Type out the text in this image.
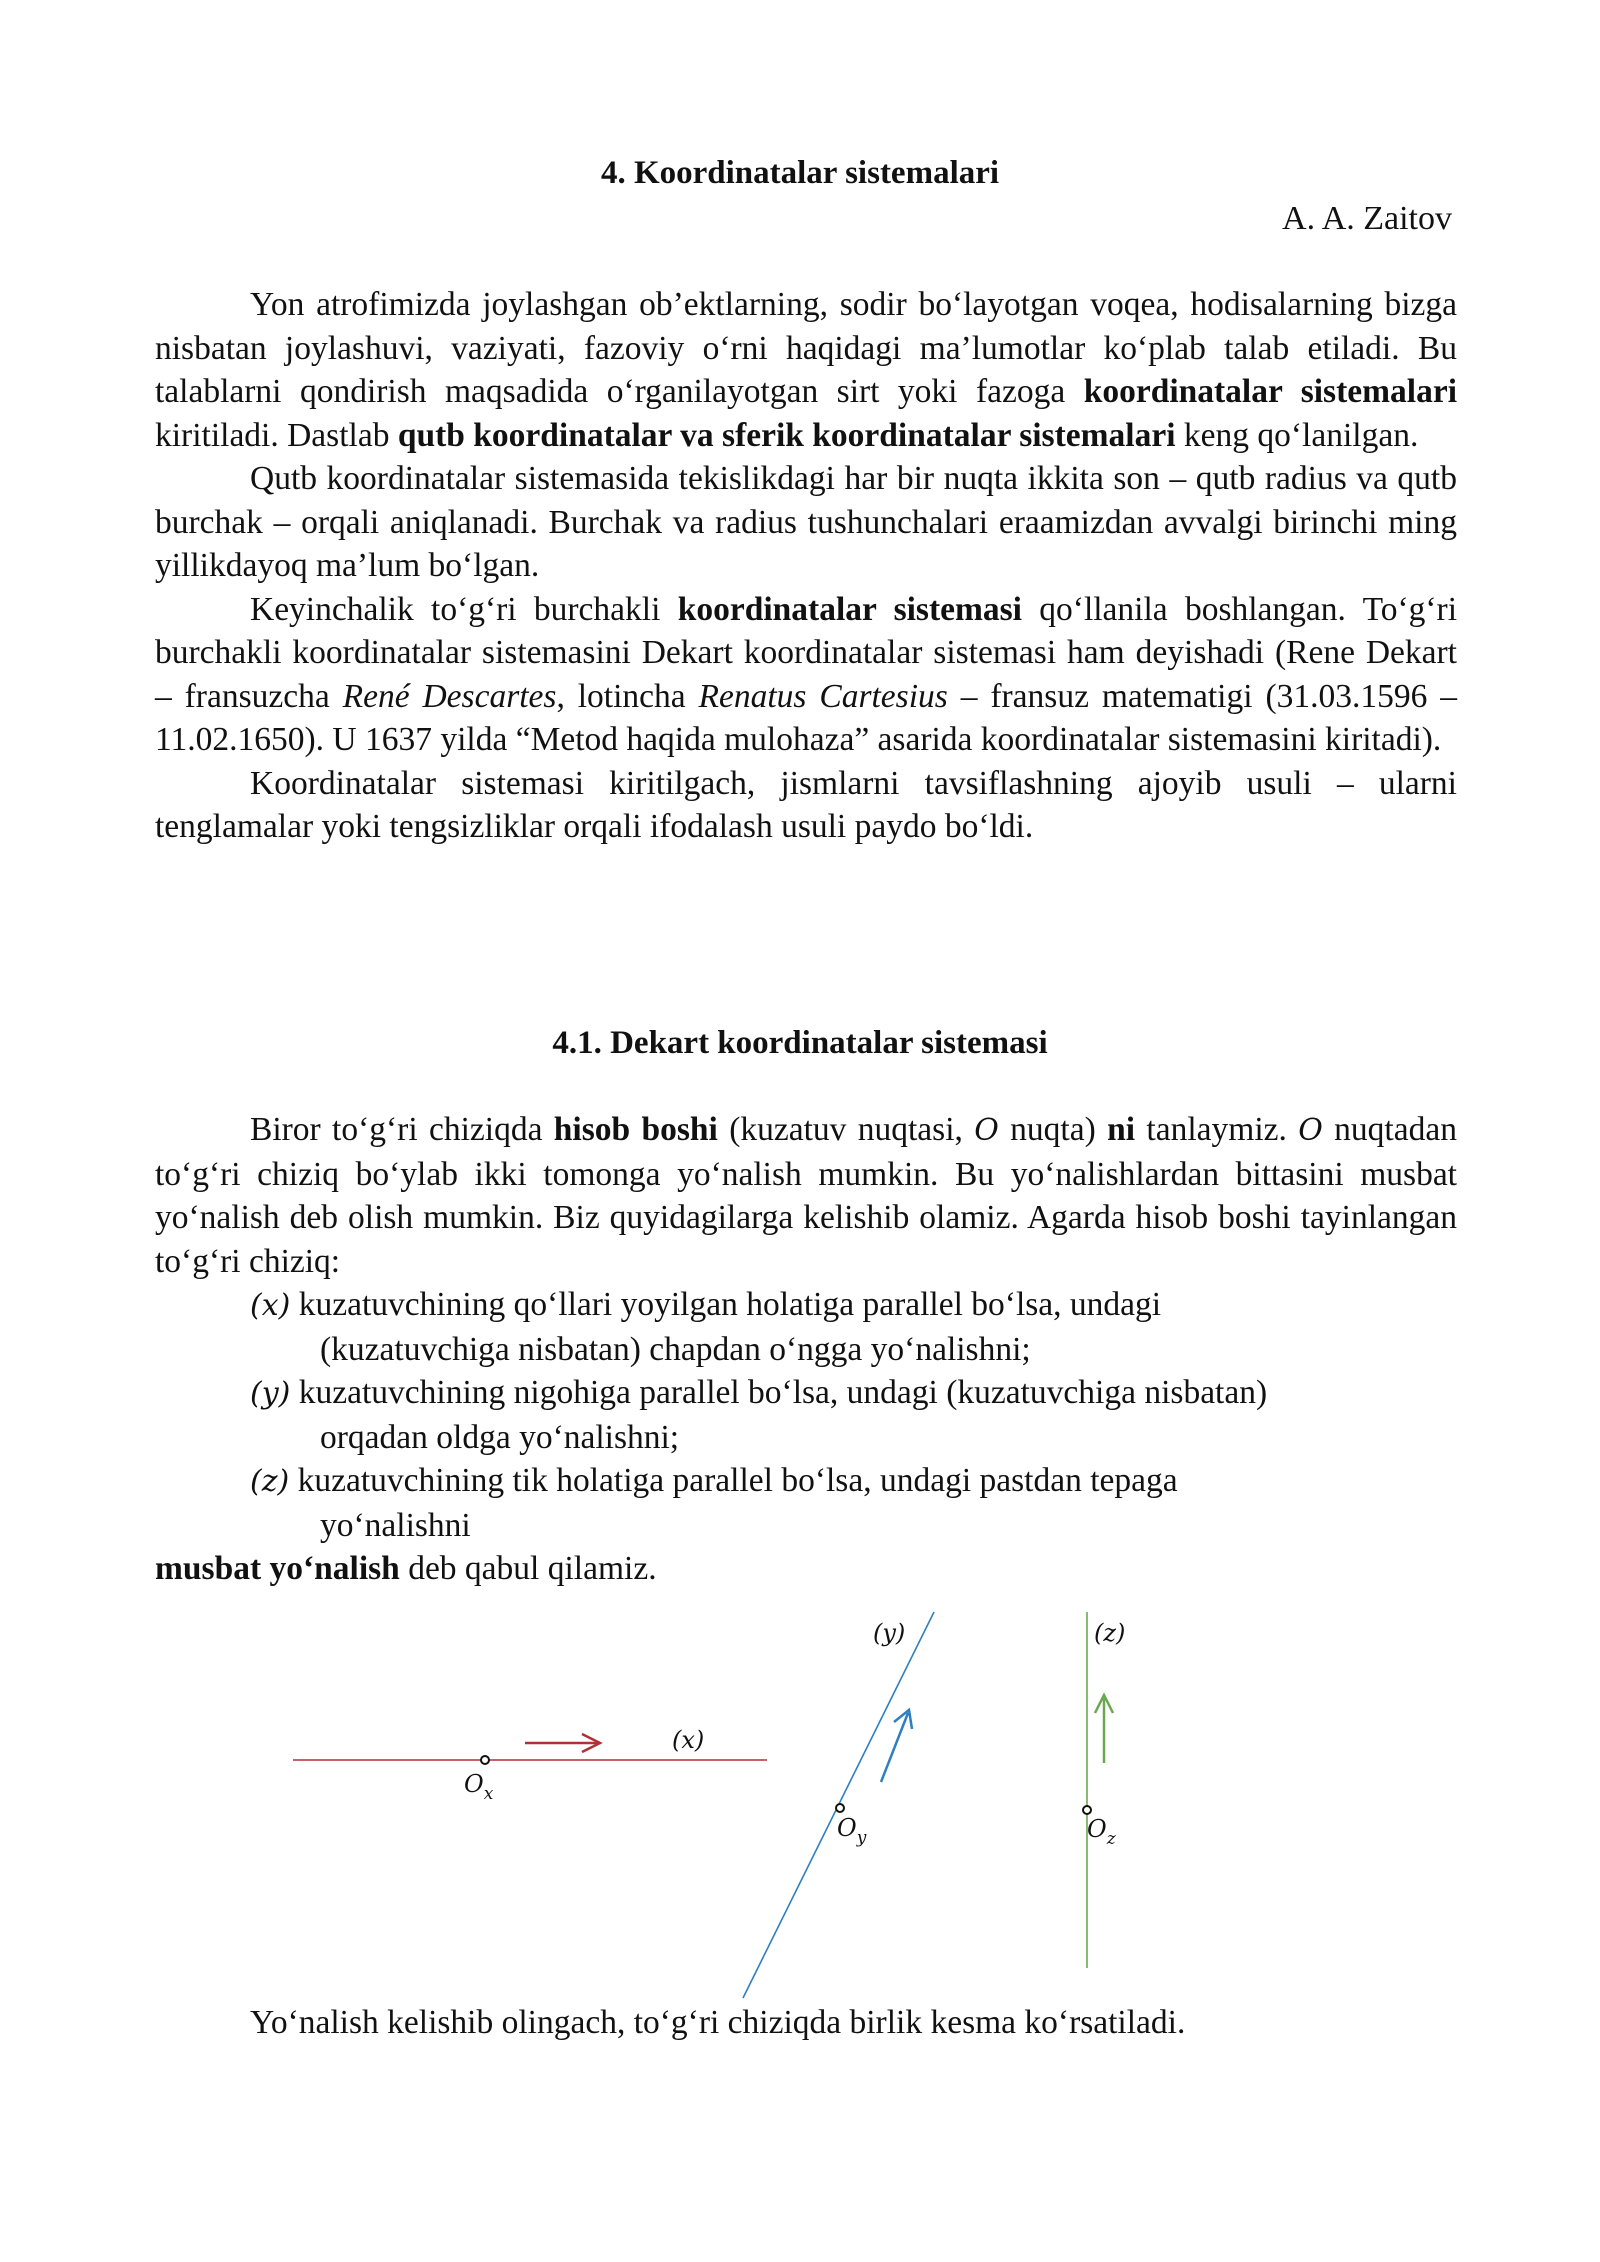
4. Koordinatalar sistemalari
A. A. Zaitov

Yon atrofimizda joylashgan ob’ektlarning, sodir bo‘layotgan voqea, hodisalarning bizga nisbatan joylashuvi, vaziyati, fazoviy o‘rni haqidagi ma’lumotlar ko‘plab talab etiladi. Bu talablarni qondirish maqsadida o‘rganilayotgan sirt yoki fazoga koordinatalar sistemalari kiritiladi. Dastlab qutb koordinatalar va sferik koordinatalar sistemalari keng qo‘lanilgan.

Qutb koordinatalar sistemasida tekislikdagi har bir nuqta ikkita son – qutb radius va qutb burchak – orqali aniqlanadi. Burchak va radius tushunchalari eraamizdan avvalgi birinchi ming yillikdayoq ma’lum bo‘lgan.

Keyinchalik to‘g‘ri burchakli koordinatalar sistemasi qo‘llanila boshlangan. To‘g‘ri burchakli koordinatalar sistemasini Dekart koordinatalar sistemasi ham deyishadi (Rene Dekart – fransuzcha René Descartes, lotincha Renatus Cartesius – fransuz matematigi (31.03.1596 – 11.02.1650). U 1637 yilda “Metod haqida mulohaza” asarida koordinatalar sistemasini kiritadi).

Koordinatalar sistemasi kiritilgach, jismlarni tavsiflashning ajoyib usuli – ularni tenglamalar yoki tengsizliklar orqali ifodalash usuli paydo bo‘ldi.

4.1. Dekart koordinatalar sistemasi

Biror to‘g‘ri chiziqda hisob boshi (kuzatuv nuqtasi, O nuqta) ni tanlaymiz. O nuqtadan to‘g‘ri chiziq bo‘ylab ikki tomonga yo‘nalish mumkin. Bu yo‘nalishlardan bittasini musbat yo‘nalish deb olish mumkin. Biz quyidagilarga kelishib olamiz. Agarda hisob boshi tayinlangan to‘g‘ri chiziq:

(x) kuzatuvchining qo‘llari yoyilgan holatiga parallel bo‘lsa, undagi
(kuzatuvchiga nisbatan) chapdan o‘ngga yo‘nalishni;
(y) kuzatuvchining nigohiga parallel bo‘lsa, undagi (kuzatuvchiga nisbatan)
orqadan oldga yo‘nalishni;
(z) kuzatuvchining tik holatiga parallel bo‘lsa, undagi pastdan tepaga
yo‘nalishni

musbat yo‘nalish deb qabul qilamiz.

(x)
$O_x$
(y)
$O_y$
(z)
$O_z$
Yo‘nalish kelishib olingach, to‘g‘ri chiziqda birlik kesma ko‘rsatiladi.
